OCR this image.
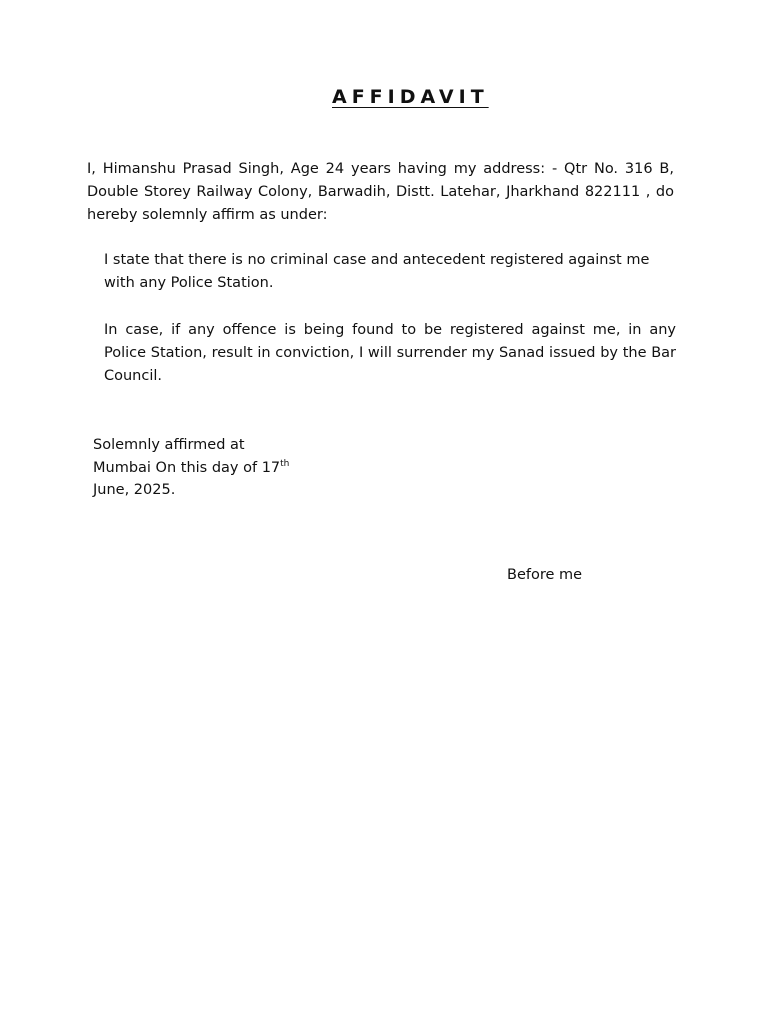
AFFIDAVIT

I, Himanshu Prasad Singh, Age 24 years having my address: - Qtr No. 316 B, Double Storey Railway Colony, Barwadih, Distt. Latehar, Jharkhand 822111 , do hereby solemnly affirm as under:

I state that there is no criminal case and antecedent registered against me with any Police Station.

In case, if any offence is being found to be registered against me, in any Police Station, result in conviction, I will surrender my Sanad issued by the Bar Council.

Solemnly affirmed at
Mumbai On this day of 17th
June, 2025.

Before me
